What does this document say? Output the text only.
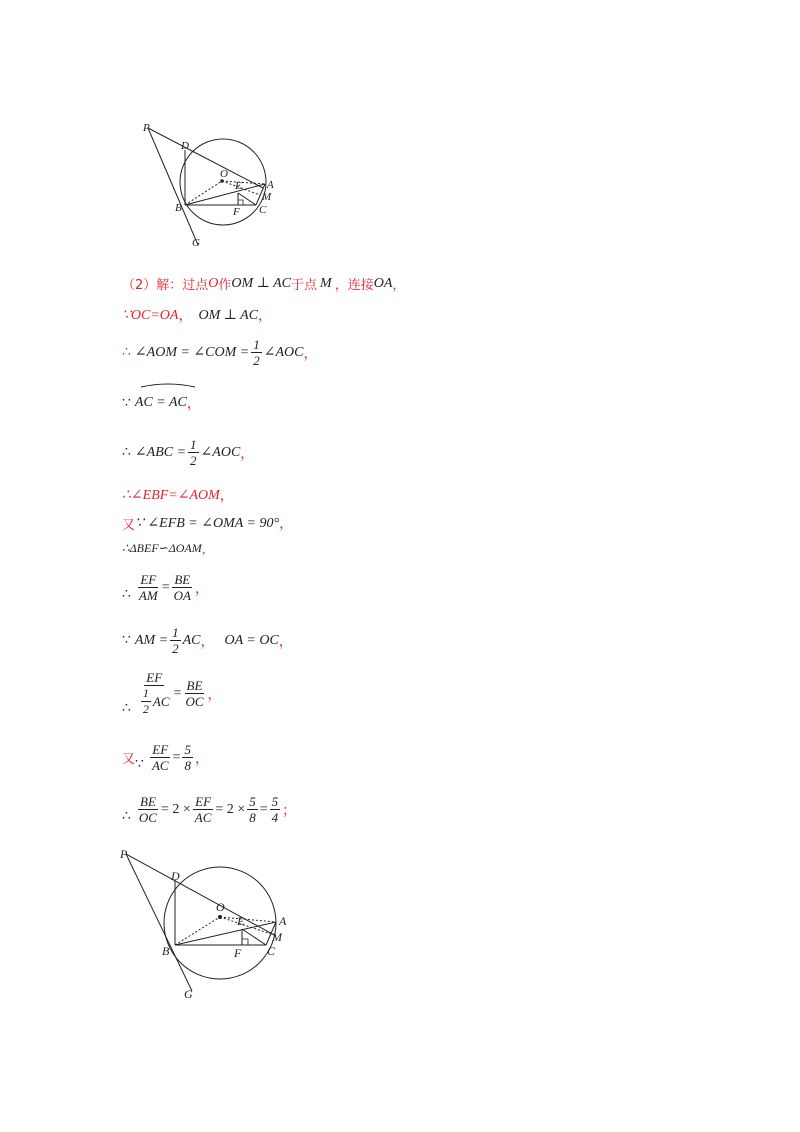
P
D
O
E A
M
B	F C
G
（2）解：过点 O 作 OM ⊥ AC 于点 M ，连接 OA ，
∵OC=OA ， OM ⊥ AC ，
∴ ∠AOM = ∠COM = $\frac{1}{2}$ ∠AOC ，
∵ AC = AC ，
∴ ∠ABC = $\frac{1}{2}$ ∠AOC ，
∴∠EBF=∠AOM ，
又 ∵ ∠EFB = ∠OMA = 90° ，
∴ΔBEF∽ΔOAM ，
∴ $\frac{EF}{AM} = \frac{BE}{OA}$ ，
∵ AM = $\frac{1}{2}$ AC ， OA = OC ，
∴ $\frac{EF}{\frac{1}{2} AC} = \frac{BE}{OC}$ ，
又 ∵ $\frac{EF}{AC} = \frac{5}{8}$ ，
∴ $\frac{BE}{OC} = 2 \times \frac{EF}{AC} = 2 \times \frac{5}{8} = \frac{5}{4}$ ；
P
D
O
E	A
M
B	F C
G
